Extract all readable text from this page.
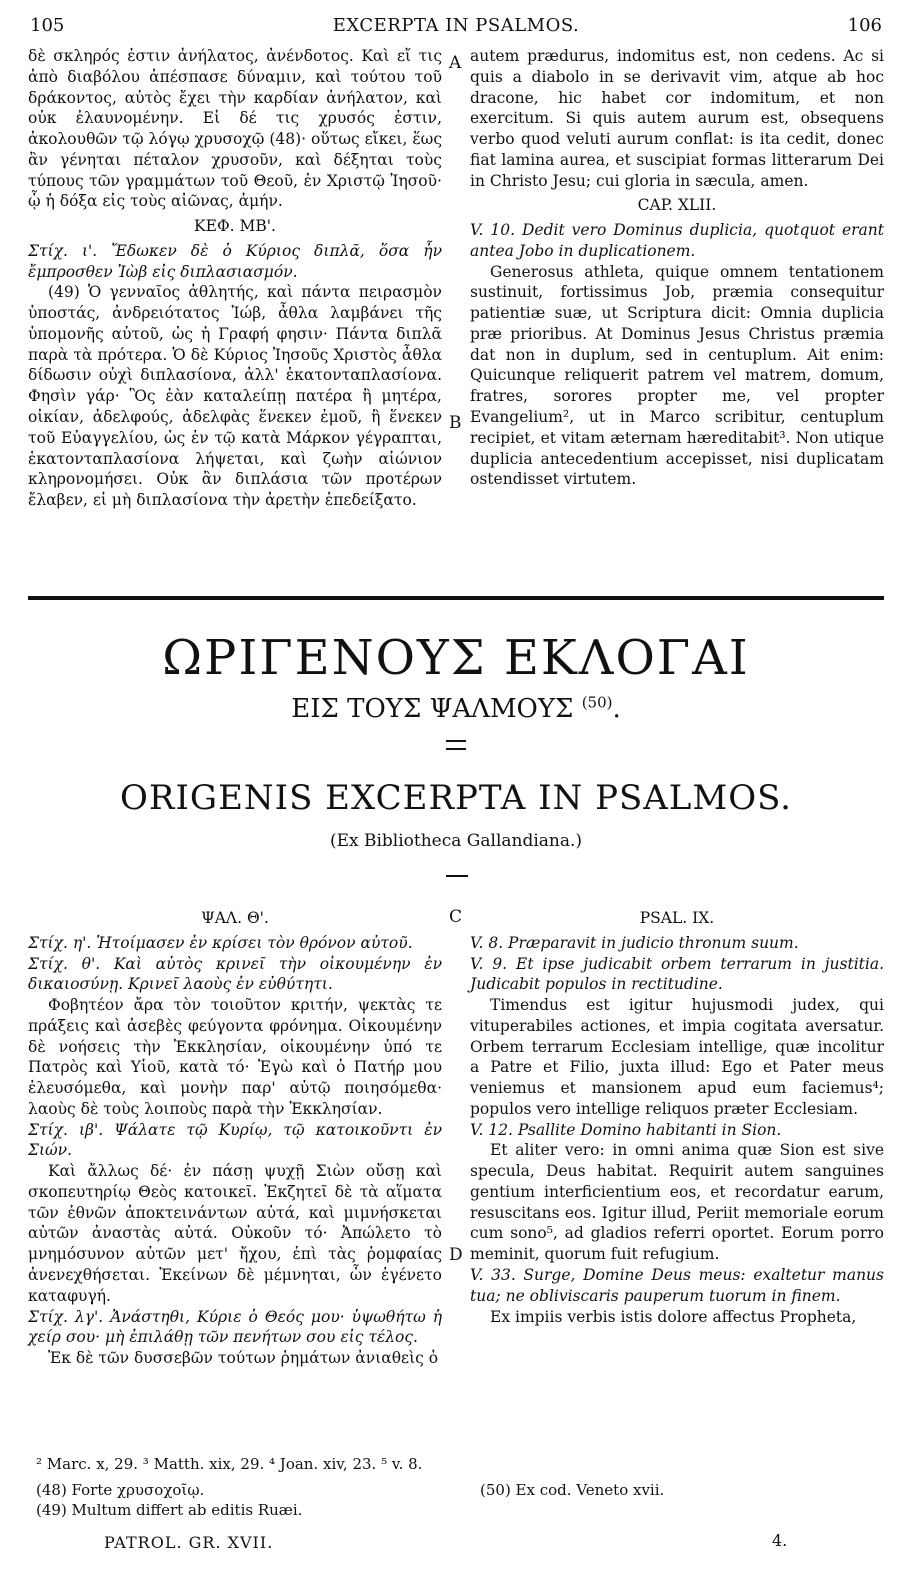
105	EXCERPTA IN PSALMOS.	106

δὲ σκληρός ἐστιν ἀνήλατος, ἀνένδοτος. Καὶ εἴ τις ἀπὸ διαβόλου ἀπέσπασε δύναμιν, καὶ τούτου τοῦ δράκοντος, αὐτὸς ἔχει τὴν καρδίαν ἀνήλατον, καὶ οὐκ ἐλαυνομένην. Εἰ δέ τις χρυσός ἐστιν, ἀκολουθῶν τῷ λόγῳ χρυσοχῷ (48)· οὕτως εἴκει, ἕως ἂν γένηται πέταλον χρυσοῦν, καὶ δέξηται τοὺς τύπους τῶν γραμμάτων τοῦ Θεοῦ, ἐν Χριστῷ Ἰησοῦ· ᾧ ἡ δόξα εἰς τοὺς αἰῶνας, ἀμήν.

ΚΕΦ. ΜΒ'.

Στίχ. ι'. Ἔδωκεν δὲ ὁ Κύριος διπλᾶ, ὅσα ἦν ἔμπροσθεν Ἰὼβ εἰς διπλασιασμόν.

(49) Ὁ γενναῖος ἀθλητής, καὶ πάντα πειρασμὸν ὑποστάς, ἀνδρειότατος Ἰώβ, ἆθλα λαμβάνει τῆς ὑπομονῆς αὐτοῦ, ὡς ἡ Γραφή φησιν· Πάντα διπλᾶ παρὰ τὰ πρότερα. Ὁ δὲ Κύριος Ἰησοῦς Χριστὸς ἆθλα δίδωσιν οὐχὶ διπλασίονα, ἀλλ' ἑκατονταπλασίονα. Φησὶν γάρ· Ὃς ἐὰν καταλείπῃ πατέρα ἢ μητέρα, οἰκίαν, ἀδελφούς, ἀδελφὰς ἕνεκεν ἐμοῦ, ἢ ἕνεκεν τοῦ Εὐαγγελίου, ὡς ἐν τῷ κατὰ Μάρκον γέγραπται, ἑκατονταπλασίονα λήψεται, καὶ ζωὴν αἰώνιον κληρονομήσει. Οὐκ ἂν διπλάσια τῶν προτέρων ἔλαβεν, εἰ μὴ διπλασίονα τὴν ἀρετὴν ἐπεδείξατο.

A
B

autem prædurus, indomitus est, non cedens. Ac si quis a diabolo in se derivavit vim, atque ab hoc dracone, hic habet cor indomitum, et non exercitum. Si quis autem aurum est, obsequens verbo quod veluti aurum conflat: is ita cedit, donec fiat lamina aurea, et suscipiat formas litterarum Dei in Christo Jesu; cui gloria in sæcula, amen.

CAP. XLII.

V. 10. Dedit vero Dominus duplicia, quotquot erant antea Jobo in duplicationem.

Generosus athleta, quique omnem tentationem sustinuit, fortissimus Job, præmia consequitur patientiæ suæ, ut Scriptura dicit: Omnia duplicia præ prioribus. At Dominus Jesus Christus præmia dat non in duplum, sed in centuplum. Ait enim: Quicunque reliquerit patrem vel matrem, domum, fratres, sorores propter me, vel propter Evangelium², ut in Marco scribitur, centuplum recipiet, et vitam æternam hæreditabit³. Non utique duplicia antecedentium accepisset, nisi duplicatam ostendisset virtutem.

ΩΡΙΓΕΝΟΥΣ ΕΚΛΟΓΑΙ
ΕΙΣ ΤΟΥΣ ΨΑΛΜΟΥΣ $^{(50)}$.
ORIGENIS EXCERPTA IN PSALMOS.
(Ex Bibliotheca Gallandiana.)

ΨΑΛ. Θ'.

Στίχ. η'. Ἡτοίμασεν ἐν κρίσει τὸν θρόνον αὐτοῦ.

Στίχ. θ'. Καὶ αὐτὸς κρινεῖ τὴν οἰκουμένην ἐν δικαιοσύνῃ. Κρινεῖ λαοὺς ἐν εὐθύτητι.

Φοβητέον ἄρα τὸν τοιοῦτον κριτήν, ψεκτὰς τε πράξεις καὶ ἀσεβὲς φεύγοντα φρόνημα. Οἰκουμένην δὲ νοήσεις τὴν Ἐκκλησίαν, οἰκουμένην ὑπό τε Πατρὸς καὶ Υἱοῦ, κατὰ τό· Ἐγὼ καὶ ὁ Πατήρ μου ἐλευσόμεθα, καὶ μονὴν παρ' αὐτῷ ποιησόμεθα· λαοὺς δὲ τοὺς λοιποὺς παρὰ τὴν Ἐκκλησίαν.

Στίχ. ιβ'. Ψάλατε τῷ Κυρίῳ, τῷ κατοικοῦντι ἐν Σιών.

Καὶ ἄλλως δέ· ἐν πάσῃ ψυχῇ Σιὼν οὔσῃ καὶ σκοπευτηρίῳ Θεὸς κατοικεῖ. Ἐκζητεῖ δὲ τὰ αἵματα τῶν ἐθνῶν ἀποκτεινάντων αὐτά, καὶ μιμνήσκεται αὐτῶν ἀναστὰς αὐτά. Οὐκοῦν τό· Ἀπώλετο τὸ μνημόσυνον αὐτῶν μετ' ἤχου, ἐπὶ τὰς ῥομφαίας ἀνενεχθήσεται. Ἐκείνων δὲ μέμνηται, ὧν ἐγένετο καταφυγή.

Στίχ. λγ'. Ἀνάστηθι, Κύριε ὁ Θεός μου· ὑψωθήτω ἡ χείρ σου· μὴ ἐπιλάθῃ τῶν πενήτων σου εἰς τέλος.

Ἐκ δὲ τῶν δυσσεβῶν τούτων ῥημάτων ἀνιαθεὶς ὁ

C
D

PSAL. IX.

V. 8. Præparavit in judicio thronum suum.

V. 9. Et ipse judicabit orbem terrarum in justitia. Judicabit populos in rectitudine.

Timendus est igitur hujusmodi judex, qui vituperabiles actiones, et impia cogitata aversatur. Orbem terrarum Ecclesiam intellige, quæ incolitur a Patre et Filio, juxta illud: Ego et Pater meus veniemus et mansionem apud eum faciemus⁴; populos vero intellige reliquos præter Ecclesiam.

V. 12. Psallite Domino habitanti in Sion.

Et aliter vero: in omni anima quæ Sion est sive specula, Deus habitat. Requirit autem sanguines gentium interficientium eos, et recordatur earum, resuscitans eos. Igitur illud, Periit memoriale eorum cum sono⁵, ad gladios referri oportet. Eorum porro meminit, quorum fuit refugium.

V. 33. Surge, Domine Deus meus: exaltetur manus tua; ne obliviscaris pauperum tuorum in finem.

Ex impiis verbis istis dolore affectus Propheta,

² Marc. x, 29. ³ Matth. xix, 29. ⁴ Joan. xiv, 23. ⁵ v. 8.
(48) Forte χρυσοχοῖῳ.
(49) Multum differt ab editis Ruæi.
(50) Ex cod. Veneto xvii.
PATROL. GR. XVII.	4.
